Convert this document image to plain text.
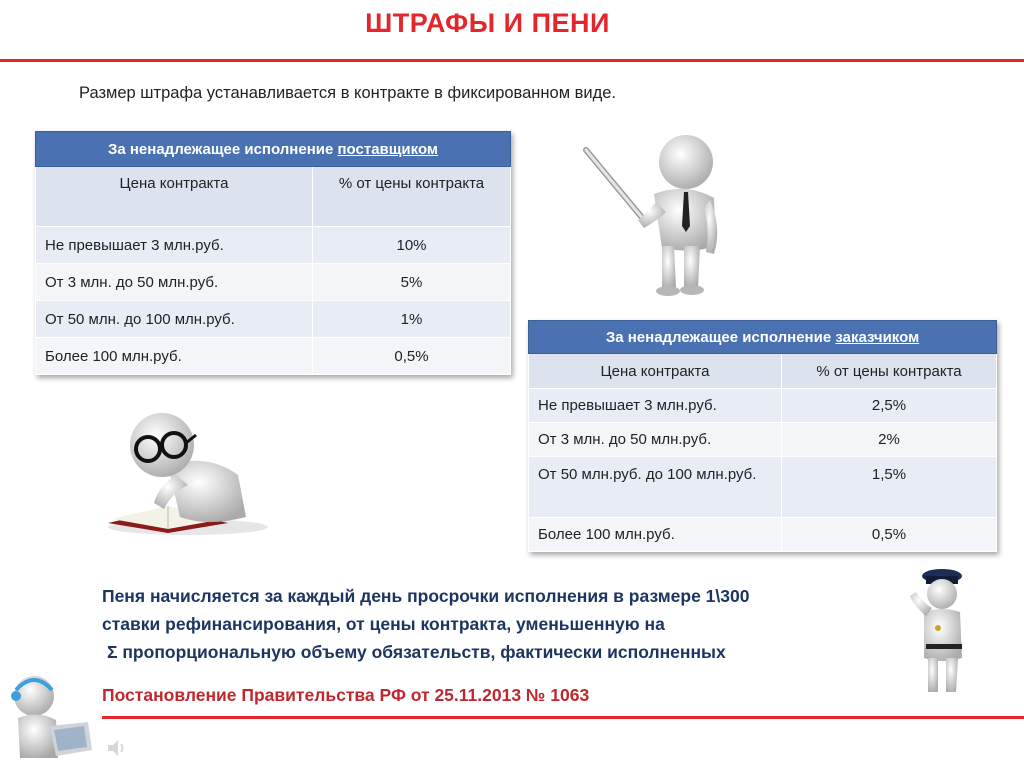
ШТРАФЫ И ПЕНИ
Размер штрафа устанавливается в контракте в фиксированном виде.
За ненадлежащее исполнение поставщиком	
Цена контракта	% от цены контракта
Не превышает 3 млн.руб.	10%
От 3 млн. до 50 млн.руб.	5%
От 50 млн. до 100 млн.руб.	1%
Более 100 млн.руб.	0,5%
За ненадлежащее исполнение заказчиком	
Цена контракта	% от цены контракта
Не превышает 3 млн.руб.	2,5%
От 3 млн. до 50 млн.руб.	2%
От 50 млн.руб. до 100 млн.руб.	1,5%
Более 100 млн.руб.	0,5%
Пеня начисляется за каждый день просрочки исполнения в размере 1\300
ставки рефинансирования, от цены контракта, уменьшенную на
Σ пропорциональную объему обязательств, фактически исполненных
Постановление Правительства РФ от 25.11.2013 № 1063
